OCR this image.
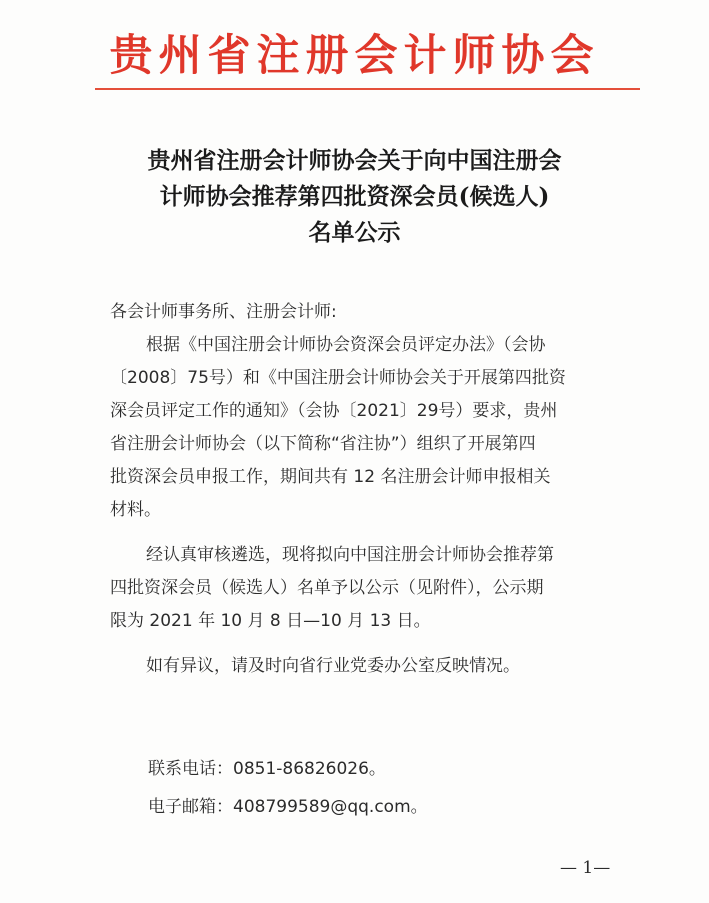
贵州省注册会计师协会
贵州省注册会计师协会关于向中国注册会
计师协会推荐第四批资深会员(候选人)
名单公示
各会计师事务所、注册会计师:
根据《中国注册会计师协会资深会员评定办法》（会协
〔2008〕75号）和《中国注册会计师协会关于开展第四批资
深会员评定工作的通知》（会协〔2021〕29号）要求，贵州
省注册会计师协会（以下简称“省注协”）组织了开展第四
批资深会员申报工作，期间共有 12 名注册会计师申报相关
材料。
经认真审核遴选，现将拟向中国注册会计师协会推荐第
四批资深会员（候选人）名单予以公示（见附件），公示期
限为 2021 年 10 月 8 日—10 月 13 日。
如有异议，请及时向省行业党委办公室反映情况。
联系电话：0851-86826026。
电子邮箱：408799589@qq.com。
— 1—
